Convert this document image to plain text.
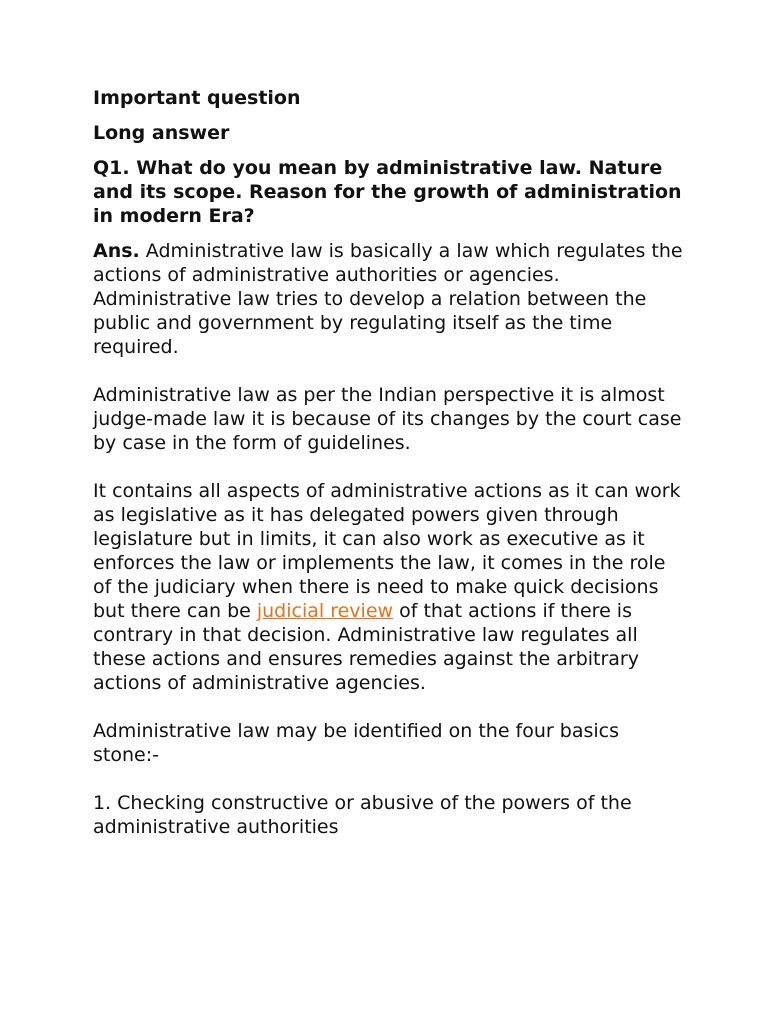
Important question

Long answer

Q1. What do you mean by administrative law. Nature and its scope. Reason for the growth of administration in modern Era?

Ans. Administrative law is basically a law which regulates the actions of administrative authorities or agencies. Administrative law tries to develop a relation between the public and government by regulating itself as the time required.

Administrative law as per the Indian perspective it is almost judge-made law it is because of its changes by the court case by case in the form of guidelines.

It contains all aspects of administrative actions as it can work as legislative as it has delegated powers given through legislature but in limits, it can also work as executive as it enforces the law or implements the law, it comes in the role of the judiciary when there is need to make quick decisions but there can be judicial review of that actions if there is contrary in that decision. Administrative law regulates all these actions and ensures remedies against the arbitrary actions of administrative agencies.

Administrative law may be identified on the four basics stone:-

1. Checking constructive or abusive of the powers of the administrative authorities
